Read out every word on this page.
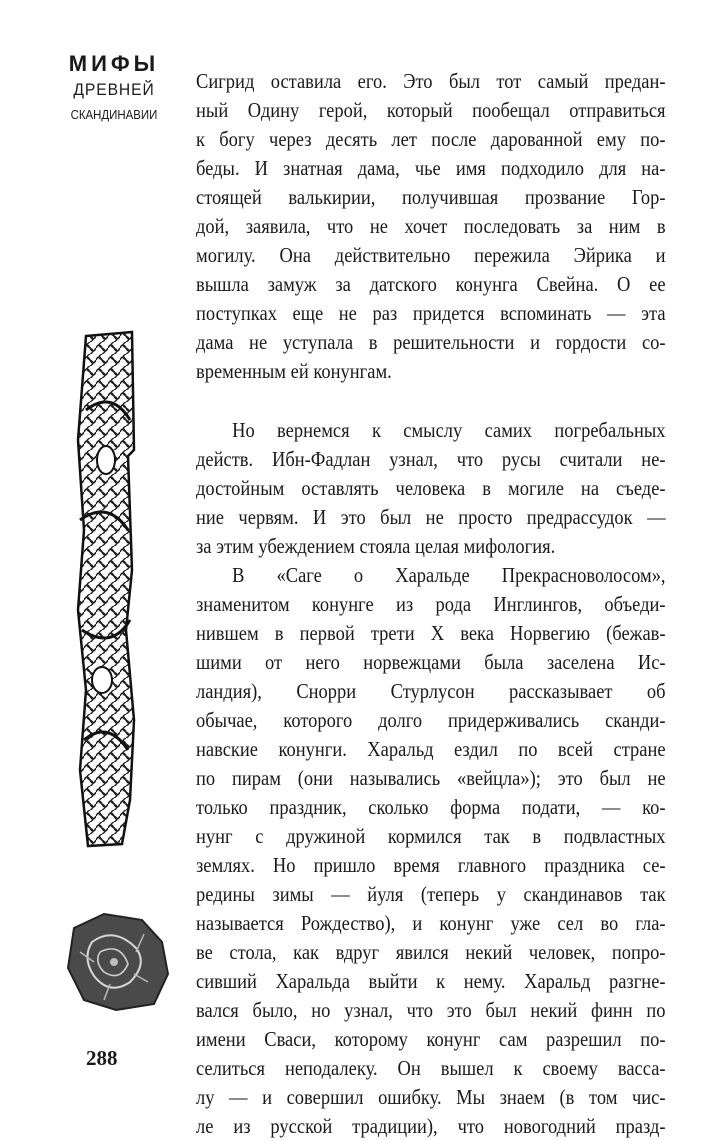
МИФЫ
ДРЕВНЕЙ
СКАНДИНАВИИ
288
Сигрид оставила его. Это был тот самый предан-
ный Одину герой, который пообещал отправиться
к богу через десять лет после дарованной ему по-
беды. И знатная дама, чье имя подходило для на-
стоящей валькирии, получившая прозвание Гор-
дой, заявила, что не хочет последовать за ним в
могилу. Она действительно пережила Эйрика и
вышла замуж за датского конунга Свейна. О ее
поступках еще не раз придется вспоминать — эта
дама не уступала в решительности и гордости со-
временным ей конунгам.
Но вернемся к смыслу самих погребальных
действ. Ибн-Фадлан узнал, что русы считали не-
достойным оставлять человека в могиле на съеде-
ние червям. И это был не просто предрассудок —
за этим убеждением стояла целая мифология.
В «Саге о Харальде Прекрасноволосом»,
знаменитом конунге из рода Инглингов, объеди-
нившем в первой трети X века Норвегию (бежав-
шими от него норвежцами была заселена Ис-
ландия), Снорри Стурлусон рассказывает об
обычае, которого долго придерживались сканди-
навские конунги. Харальд ездил по всей стране
по пирам (они назывались «вейцла»); это был не
только праздник, сколько форма подати, — ко-
нунг с дружиной кормился так в подвластных
землях. Но пришло время главного праздника се-
редины зимы — йуля (теперь у скандинавов так
называется Рождество), и конунг уже сел во гла-
ве стола, как вдруг явился некий человек, попро-
сивший Харальда выйти к нему. Харальд разгне-
вался было, но узнал, что это был некий финн по
имени Сваси, которому конунг сам разрешил по-
селиться неподалеку. Он вышел к своему васса-
лу — и совершил ошибку. Мы знаем (в том чис-
ле из русской традиции), что новогодний празд-
